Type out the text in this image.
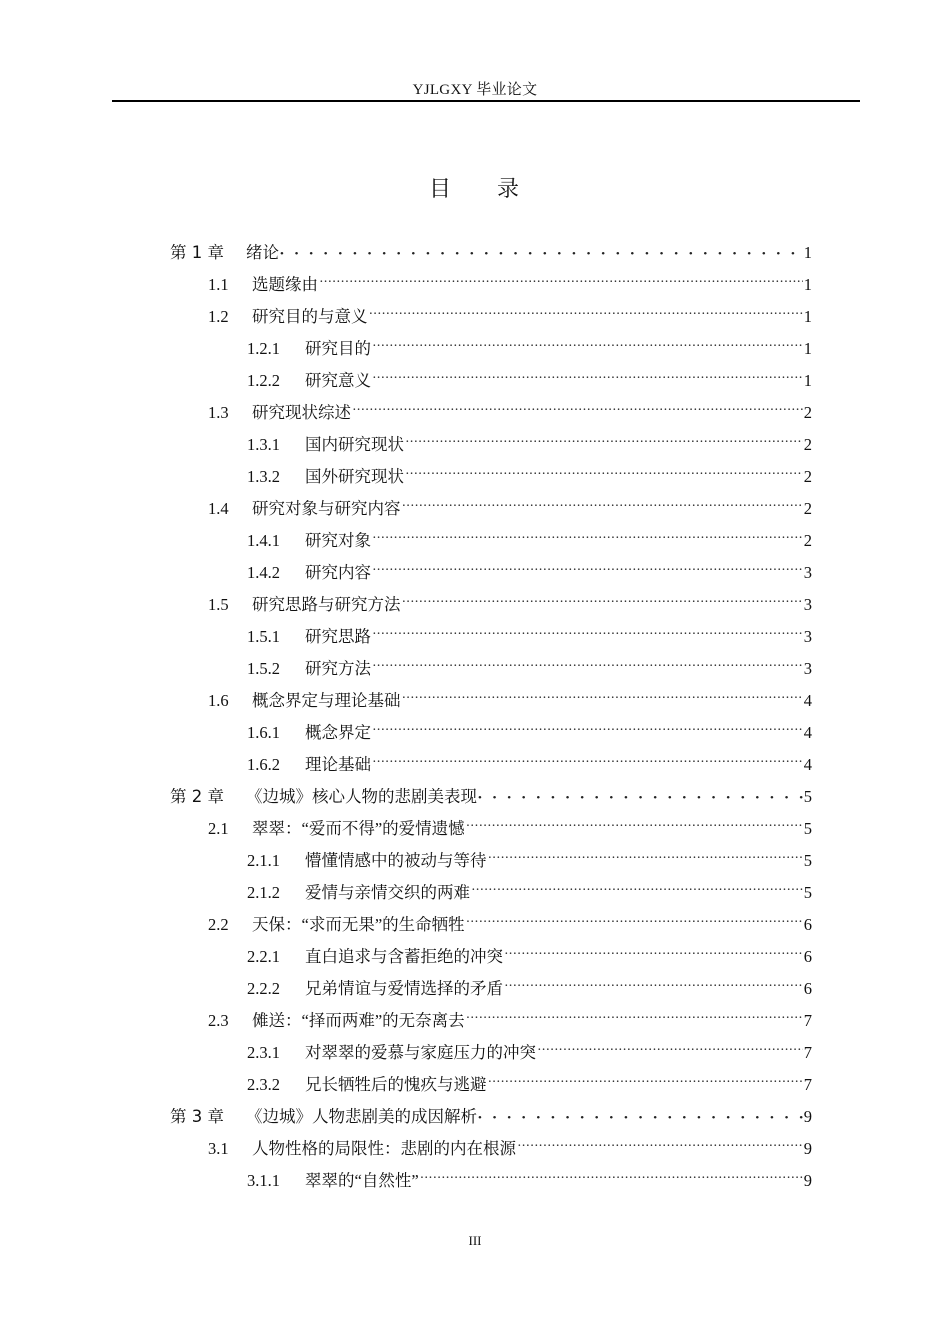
YJLGXY 毕业论文
目 录
第 1 章	绪论 • • •	1
1.1	选题缘由 ·····	1
1.2	研究目的与意义 ·····	1
1.2.1	研究目的 ·····	1
1.2.2	研究意义 ·····	1
1.3	研究现状综述 ·····	2
1.3.1	国内研究现状 ·····	2
1.3.2	国外研究现状 ·····	2
1.4	研究对象与研究内容 ·····	2
1.4.1	研究对象 ·····	2
1.4.2	研究内容 ·····	3
1.5	研究思路与研究方法 ·····	3
1.5.1	研究思路 ·····	3
1.5.2	研究方法 ·····	3
1.6	概念界定与理论基础 ·····	4
1.6.1	概念界定 ·····	4
1.6.2	理论基础 ·····	4
第 2 章	《边城》核心人物的悲剧美表现 • • •	5
2.1	翠翠：“爱而不得”的爱情遗憾 ·····	5
2.1.1	懵懂情感中的被动与等待 ·····	5
2.1.2	爱情与亲情交织的两难 ·····	5
2.2	天保：“求而无果”的生命牺牲 ·····	6
2.2.1	直白追求与含蓄拒绝的冲突 ·····	6
2.2.2	兄弟情谊与爱情选择的矛盾 ·····	6
2.3	傩送：“择而两难”的无奈离去 ·····	7
2.3.1	对翠翠的爱慕与家庭压力的冲突 ·····	7
2.3.2	兄长牺牲后的愧疚与逃避 ·····	7
第 3 章	《边城》人物悲剧美的成因解析 • • •	9
3.1	人物性格的局限性：悲剧的内在根源 ·····	9
3.1.1	翠翠的“自然性” ·····	9
III
